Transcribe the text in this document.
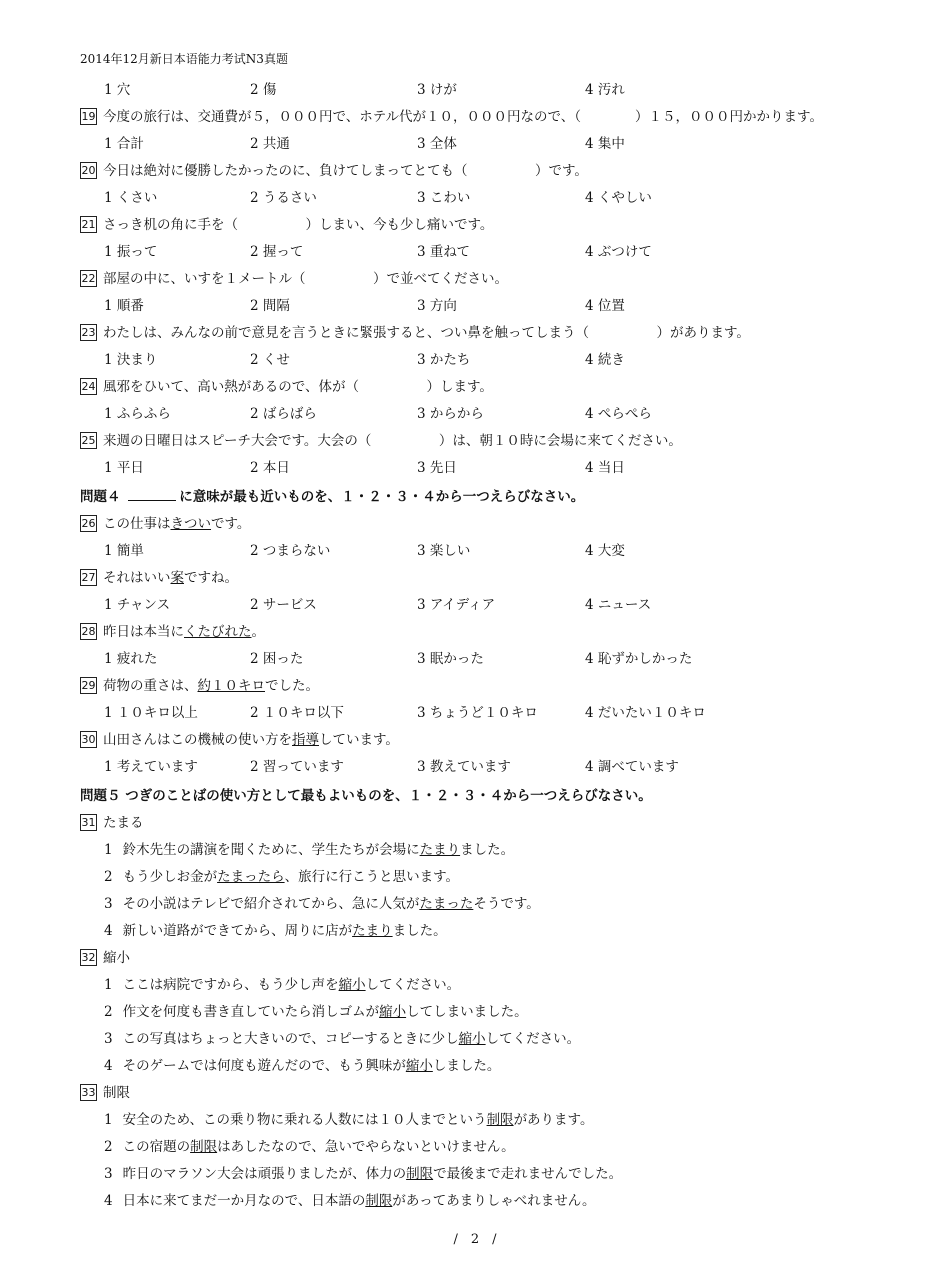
2014年12月新日本语能力考试N3真题
1 穴	2 傷	3 けが	4 汚れ
19 今度の旅行は、交通費が５，０００円で、ホテル代が１０，０００円なので、（　　　　）１５，０００円かかります。
1 合計	2 共通	3 全体	4 集中
20 今日は絶対に優勝したかったのに、負けてしまってとても（　　　　　）です。
1 くさい	2 うるさい	3 こわい	4 くやしい
21 さっき机の角に手を（　　　　　）しまい、今も少し痛いです。
1 振って	2 握って	3 重ねて	4 ぶつけて
22 部屋の中に、いすを１メートル（　　　　　）で並べてください。
1 順番	2 間隔	3 方向	4 位置
23 わたしは、みんなの前で意見を言うときに緊張すると、つい鼻を触ってしまう（　　　　　）があります。
1 決まり	2 くせ	3 かたち	4 続き
24 風邪をひいて、高い熱があるので、体が（　　　　　）します。
1 ふらふら	2 ばらばら	3 からから	4 ぺらぺら
25 来週の日曜日はスピーチ大会です。大会の（　　　　　）は、朝１０時に会場に来てください。
1 平日	2 本日	3 先日	4 当日
問題４	に意味が最も近いものを、１・２・３・４から一つえらびなさい。
26 この仕事はきついです。
1 簡単	2 つまらない	3 楽しい	4 大変
27 それはいい案ですね。
1 チャンス	2 サービス	3 アイディア	4 ニュース
28 昨日は本当にくたびれた。
1 疲れた	2 困った	3 眠かった	4 恥ずかしかった
29 荷物の重さは、約１０キロでした。
1 １０キロ以上	2 １０キロ以下	3 ちょうど１０キロ	4 だいたい１０キロ
30 山田さんはこの機械の使い方を指導しています。
1 考えています	2 習っています	3 教えています	4 調べています
問題５ つぎのことばの使い方として最もよいものを、１・２・３・４から一つえらびなさい。
31 たまる
1 鈴木先生の講演を聞くために、学生たちが会場にたまりました。
2 もう少しお金がたまったら、旅行に行こうと思います。
3 その小説はテレビで紹介されてから、急に人気がたまったそうです。
4 新しい道路ができてから、周りに店がたまりました。
32 縮小
1 ここは病院ですから、もう少し声を縮小してください。
2 作文を何度も書き直していたら消しゴムが縮小してしまいました。
3 この写真はちょっと大きいので、コピーするときに少し縮小してください。
4 そのゲームでは何度も遊んだので、もう興味が縮小しました。
33 制限
1 安全のため、この乗り物に乗れる人数には１０人までという制限があります。
2 この宿題の制限はあしたなので、急いでやらないといけません。
3 昨日のマラソン大会は頑張りましたが、体力の制限で最後まで走れませんでした。
4 日本に来てまだ一か月なので、日本語の制限があってあまりしゃべれません。
/　2　/
